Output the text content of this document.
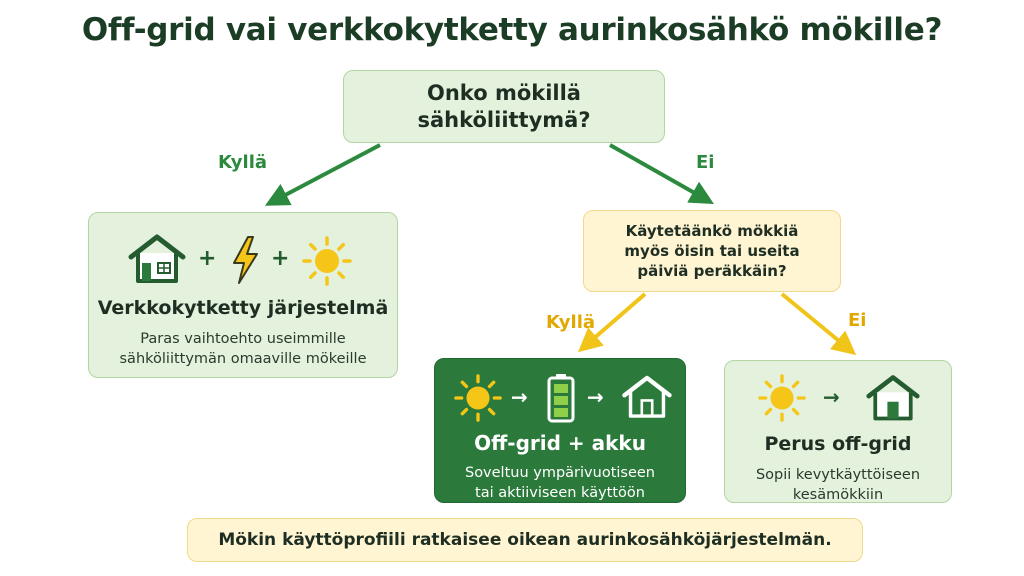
Off-grid vai verkkokytketty aurinkosähkö mökille?
Kyllä	Ei
Kyllä	Ei
Onko mökillä
sähköliittymä?
Käytetäänkö mökkiä
myös öisin tai useita
päiviä peräkkäin?
+ +
Verkkokytketty järjestelmä
Paras vaihtoehto useimmille
sähköliittymän omaaville mökeille
→	→
Off-grid + akku
Soveltuu ympärivuotiseen
tai aktiiviseen käyttöön
→
Perus off-grid
Sopii kevytkäyttöiseen
kesämökkiin
Mökin käyttöprofiili ratkaisee oikean aurinkosähköjärjestelmän.
